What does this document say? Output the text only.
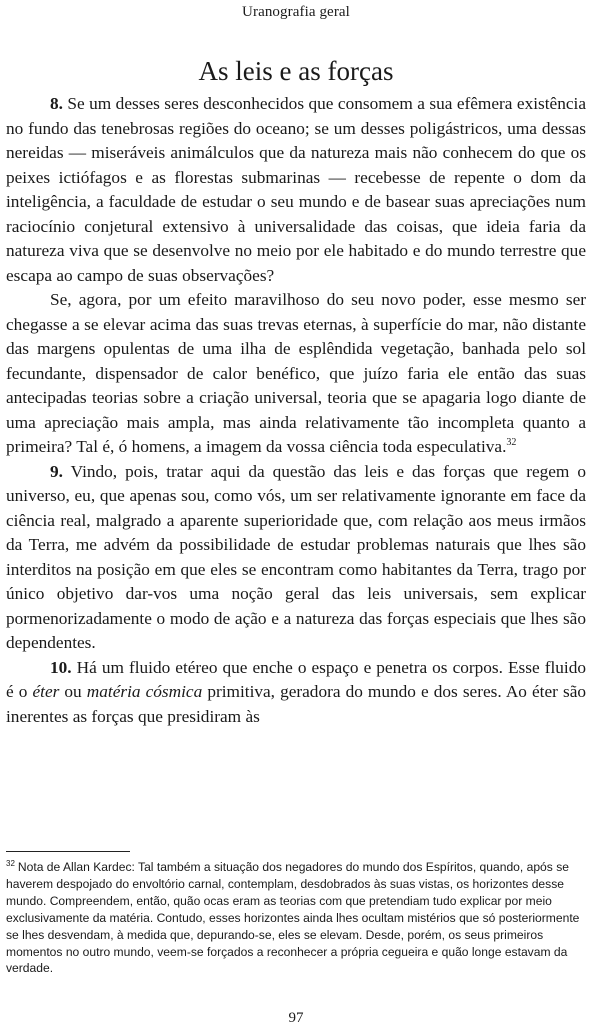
Uranografia geral
As leis e as forças

8. Se um desses seres desconhecidos que consomem a sua efêmera existência no fundo das tenebrosas regiões do oceano; se um desses poligástricos, uma dessas nereidas — miseráveis animálculos que da natureza mais não conhecem do que os peixes ictiófagos e as florestas submarinas — recebesse de repente o dom da inteligência, a faculdade de estudar o seu mundo e de basear suas apreciações num raciocínio conjetural extensivo à universalidade das coisas, que ideia faria da natureza viva que se desenvolve no meio por ele habitado e do mundo terrestre que escapa ao campo de suas observações?

Se, agora, por um efeito maravilhoso do seu novo poder, esse mesmo ser chegasse a se elevar acima das suas trevas eternas, à superfície do mar, não distante das margens opulentas de uma ilha de esplêndida vegetação, banhada pelo sol fecundante, dispensador de calor benéfico, que juízo faria ele então das suas antecipadas teorias sobre a criação universal, teoria que se apagaria logo diante de uma apreciação mais ampla, mas ainda relativamente tão incompleta quanto a primeira? Tal é, ó homens, a imagem da vossa ciência toda especulativa.$^{32}$

9. Vindo, pois, tratar aqui da questão das leis e das forças que regem o universo, eu, que apenas sou, como vós, um ser relativamente ignorante em face da ciência real, malgrado a aparente superioridade que, com relação aos meus irmãos da Terra, me advém da possibilidade de estudar problemas naturais que lhes são interditos na posição em que eles se encontram como habitantes da Terra, trago por único objetivo dar-vos uma noção geral das leis universais, sem explicar pormenorizadamente o modo de ação e a natureza das forças especiais que lhes são dependentes.

10. Há um fluido etéreo que enche o espaço e penetra os corpos. Esse fluido é o éter ou matéria cósmica primitiva, geradora do mundo e dos seres. Ao éter são inerentes as forças que presidiram às

$^{32}$ Nota de Allan Kardec: Tal também a situação dos negadores do mundo dos Espíritos, quando, após se haverem despojado do envoltório carnal, contemplam, desdobrados às suas vistas, os horizontes desse mundo. Compreendem, então, quão ocas eram as teorias com que pretendiam tudo explicar por meio exclusivamente da matéria. Contudo, esses horizontes ainda lhes ocultam mistérios que só posteriormente se lhes desvendam, à medida que, depurando-se, eles se elevam. Desde, porém, os seus primeiros momentos no outro mundo, veem-se forçados a reconhecer a própria cegueira e quão longe estavam da verdade.
97
